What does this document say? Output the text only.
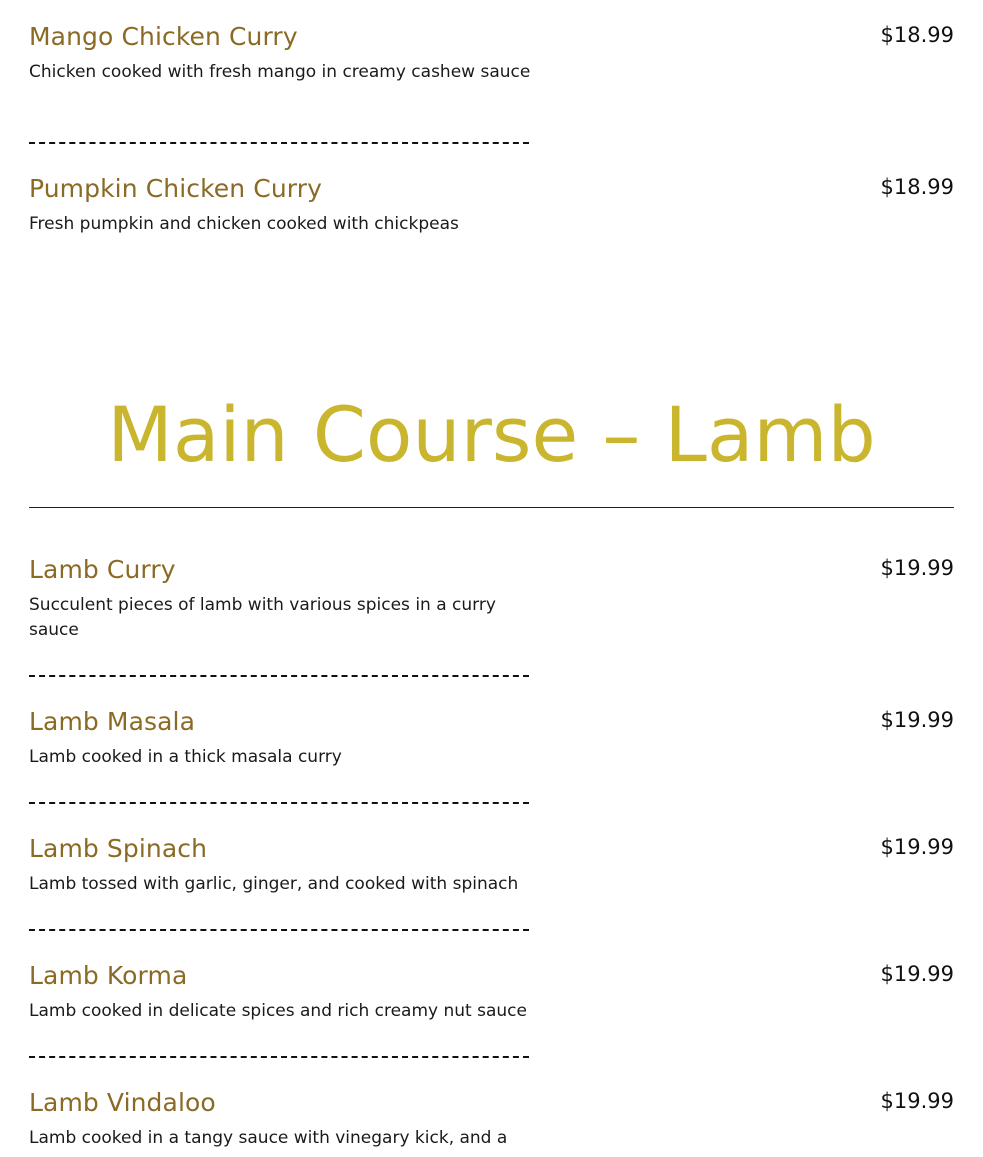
Mango Chicken Curry	$18.99
Chicken cooked with fresh mango in creamy cashew sauce
Pumpkin Chicken Curry	$18.99
Fresh pumpkin and chicken cooked with chickpeas
Main Course – Lamb
Lamb Curry	$19.99
Succulent pieces of lamb with various spices in a curry sauce
Lamb Masala	$19.99
Lamb cooked in a thick masala curry
Lamb Spinach	$19.99
Lamb tossed with garlic, ginger, and cooked with spinach
Lamb Korma	$19.99
Lamb cooked in delicate spices and rich creamy nut sauce
Lamb Vindaloo	$19.99
Lamb cooked in a tangy sauce with vinegary kick, and a
